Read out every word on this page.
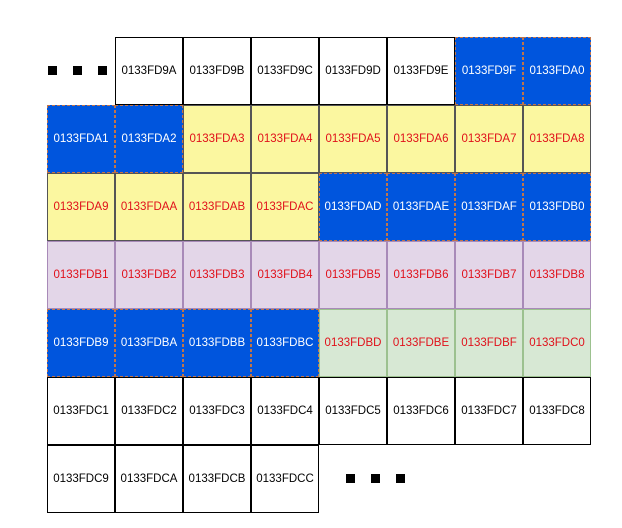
0133FD9A	0133FD9B	0133FD9C	0133FD9D	0133FD9E	0133FD9F	0133FDA0
0133FDA1	0133FDA2	0133FDA3	0133FDA4	0133FDA5	0133FDA6	0133FDA7	0133FDA8
0133FDA9	0133FDAA	0133FDAB 0133FDAC 0133FDAD 0133FDAE	0133FDAF	0133FDB0
0133FDB1	0133FDB2	0133FDB3	0133FDB4	0133FDB5	0133FDB6	0133FDB7	0133FDB8
0133FDB9	0133FDBA	0133FDBB 0133FDBC 0133FDBD 0133FDBE	0133FDBF	0133FDC0
0133FDC1	0133FDC2	0133FDC3	0133FDC4	0133FDC5	0133FDC6	0133FDC7	0133FDC8
0133FDC9	0133FDCA 0133FDCB 0133FDCC
